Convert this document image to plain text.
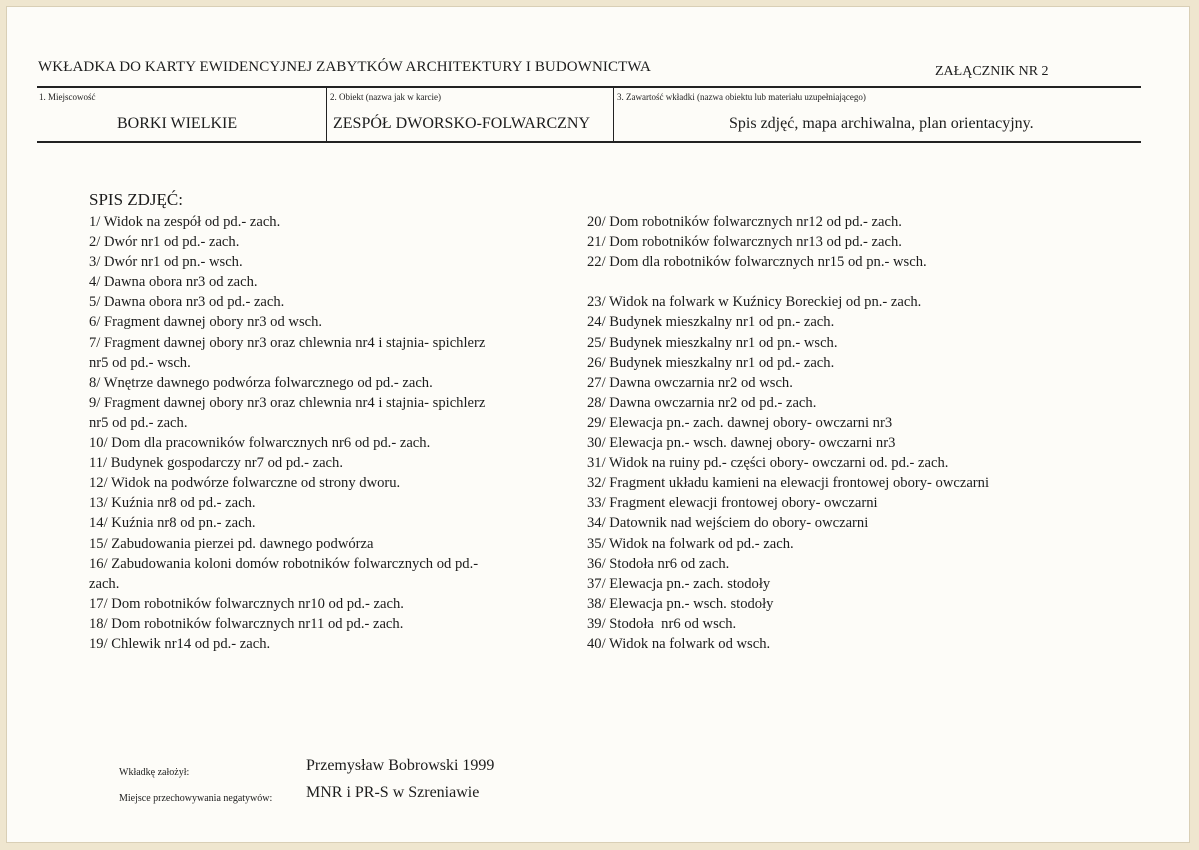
WKŁADKA DO KARTY EWIDENCYJNEJ ZABYTKÓW ARCHITEKTURY I BUDOWNICTWA	ZAŁĄCZNIK NR 2
1. Miejscowość
BORKI WIELKIE
2. Obiekt (nazwa jak w karcie)
ZESPÓŁ DWORSKO-FOLWARCZNY
3. Zawartość wkładki (nazwa obiektu lub materiału uzupełniającego)
Spis zdjęć, mapa archiwalna, plan orientacyjny.
SPIS ZDJĘĆ:
1/ Widok na zespół od pd.- zach.
2/ Dwór nr1 od pd.- zach.
3/ Dwór nr1 od pn.- wsch.
4/ Dawna obora nr3 od zach.
5/ Dawna obora nr3 od pd.- zach.
6/ Fragment dawnej obory nr3 od wsch.
7/ Fragment dawnej obory nr3 oraz chlewnia nr4 i stajnia- spichlerz
nr5 od pd.- wsch.
8/ Wnętrze dawnego podwórza folwarcznego od pd.- zach.
9/ Fragment dawnej obory nr3 oraz chlewnia nr4 i stajnia- spichlerz
nr5 od pd.- zach.
10/ Dom dla pracowników folwarcznych nr6 od pd.- zach.
11/ Budynek gospodarczy nr7 od pd.- zach.
12/ Widok na podwórze folwarczne od strony dworu.
13/ Kuźnia nr8 od pd.- zach.
14/ Kuźnia nr8 od pn.- zach.
15/ Zabudowania pierzei pd. dawnego podwórza
16/ Zabudowania koloni domów robotników folwarcznych od pd.-
zach.
17/ Dom robotników folwarcznych nr10 od pd.- zach.
18/ Dom robotników folwarcznych nr11 od pd.- zach.
19/ Chlewik nr14 od pd.- zach.
20/ Dom robotników folwarcznych nr12 od pd.- zach.
21/ Dom robotników folwarcznych nr13 od pd.- zach.
22/ Dom dla robotników folwarcznych nr15 od pn.- wsch.
23/ Widok na folwark w Kuźnicy Boreckiej od pn.- zach.
24/ Budynek mieszkalny nr1 od pn.- zach.
25/ Budynek mieszkalny nr1 od pn.- wsch.
26/ Budynek mieszkalny nr1 od pd.- zach.
27/ Dawna owczarnia nr2 od wsch.
28/ Dawna owczarnia nr2 od pd.- zach.
29/ Elewacja pn.- zach. dawnej obory- owczarni nr3
30/ Elewacja pn.- wsch. dawnej obory- owczarni nr3
31/ Widok na ruiny pd.- części obory- owczarni od. pd.- zach.
32/ Fragment układu kamieni na elewacji frontowej obory- owczarni
33/ Fragment elewacji frontowej obory- owczarni
34/ Datownik nad wejściem do obory- owczarni
35/ Widok na folwark od pd.- zach.
36/ Stodoła nr6 od zach.
37/ Elewacja pn.- zach. stodoły
38/ Elewacja pn.- wsch. stodoły
39/ Stodoła  nr6 od wsch.
40/ Widok na folwark od wsch.
Wkładkę założył:	Przemysław Bobrowski 1999
Miejsce przechowywania negatywów: MNR i PR-S w Szreniawie
